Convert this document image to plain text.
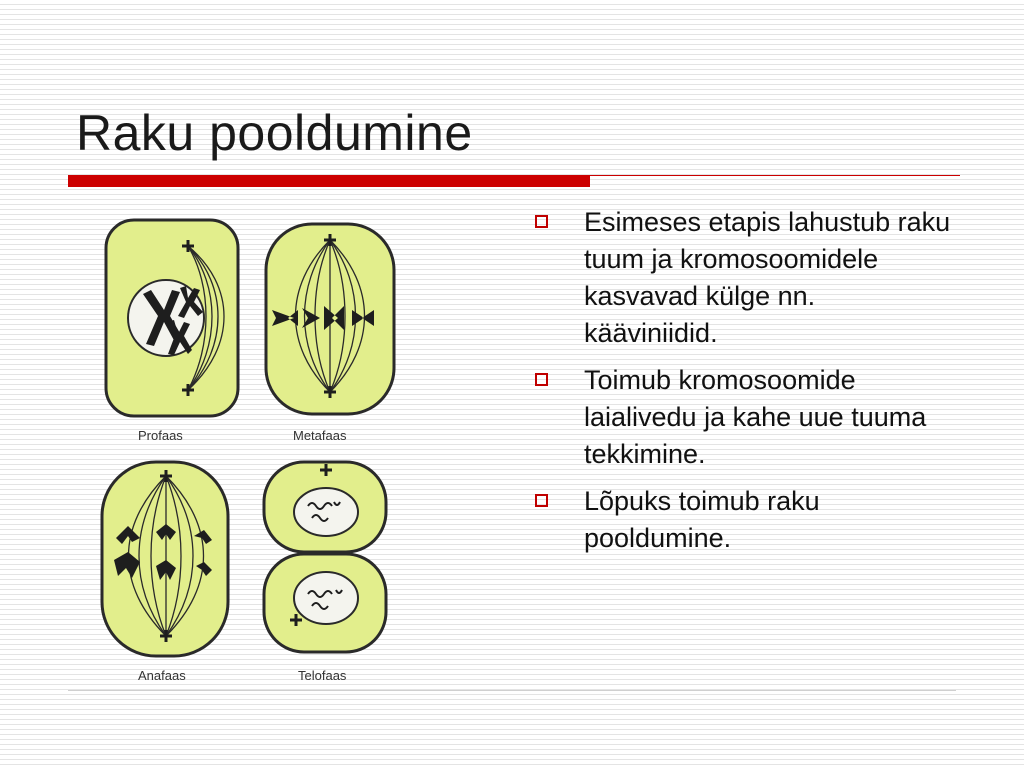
Raku pooldumine
Profaas	Metafaas
Anafaas	Telofaas
Esimeses etapis lahustub raku tuum ja kromosoomidele kasvavad külge nn. kääviniidid.
Toimub kromosoomide laialivedu ja kahe uue tuuma tekkimine.
Lõpuks toimub raku pooldumine.
